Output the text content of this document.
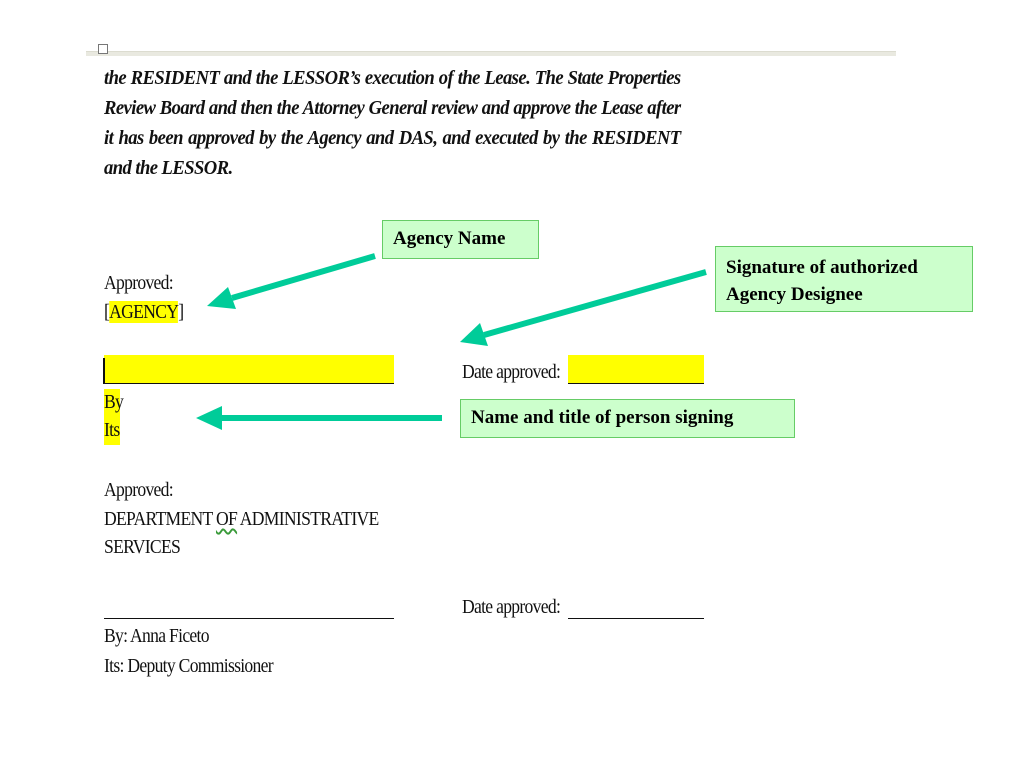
the RESIDENT and the LESSOR’s execution of the Lease. The State Properties Review Board and then the Attorney General review and approve the Lease after it has been approved by the Agency and DAS, and executed by the RESIDENT and the LESSOR.

Approved:
[AGENCY]
By
Its
Date approved:
Approved:
DEPARTMENT OF ADMINISTRATIVE
SERVICES
By: Anna Ficeto
Its: Deputy Commissioner
Date approved:
Agency Name
Signature of authorized
Agency Designee
Name and title of person signing
